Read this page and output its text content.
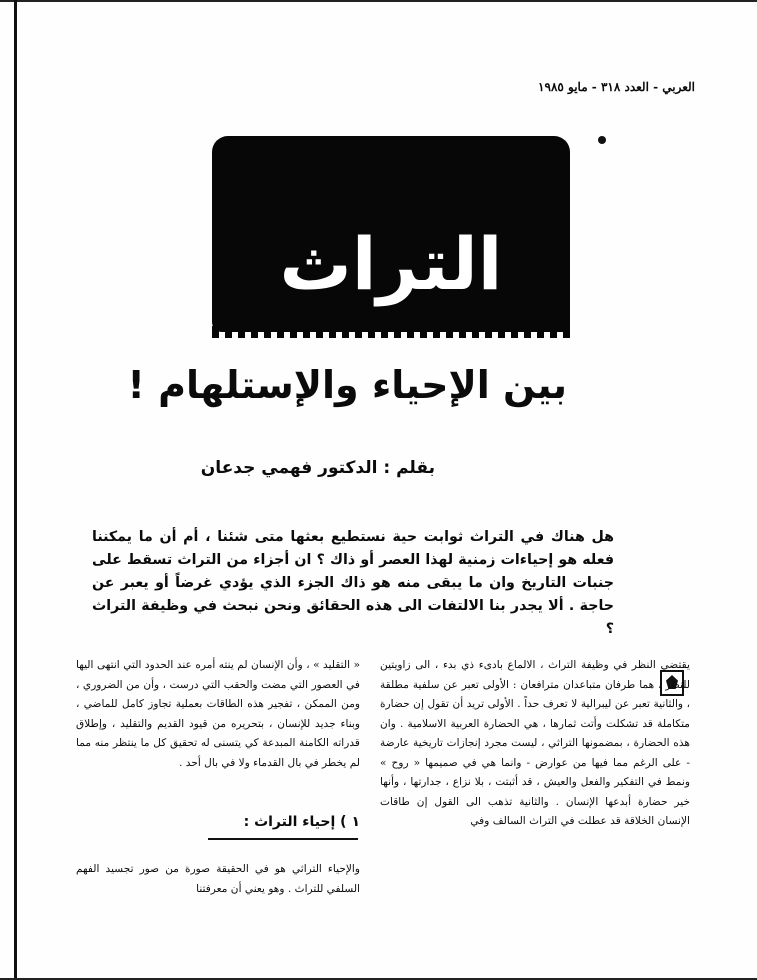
العربي - العدد ٣١٨ - مايو ١٩٨٥
التراث
بين الإحياء والإستلهام !
بقلم : الدكتور فهمي جدعان
هل هناك في التراث ثوابت حية نستطيع بعثها متى شئنا ، أم أن ما يمكننا فعله هو إحياءات زمنية لهذا العصر أو ذاك ؟ ان أجزاء من التراث تسقط على جنبات التاريخ وان ما يبقى منه هو ذاك الجزء الذي يؤدي غرضاً أو يعبر عن حاجة . ألا يجدر بنا الالتفات الى هذه الحقائق ونحن نبحث في وظيفة التراث ؟
يقتضي النظر في وظيفة التراث ، الالماع بادىء ذي بدء ، الى زاويتين للنظر ، هما طرفان متباعدان مترافعان : الأولى تعبر عن سلفية مطلقة ، والثانية تعبر عن ليبرالية لا تعرف حداً . الأولى تريد أن تقول إن حضارة متكاملة قد تشكلت وأتت ثمارها ، هي الحضارة العربية الاسلامية . وان هذه الحضارة ، بمضمونها التراثي ، ليست مجرد إنجازات تاريخية عارضة - على الرغم مما فيها من عوارض - وانما هي في صميمها « روح » ونمط في التفكير والفعل والعيش ، قد أثبتت ، بلا نزاع ، جدارتها ، وأنها خير حضارة أبدعها الإنسان . والثانية تذهب الى القول إن طاقات الإنسان الخلاقة قد عطلت في التراث السالف وفي
« التقليد » ، وأن الإنسان لم ينته أمره عند الحدود التي انتهى اليها في العصور التي مضت والحقب التي درست ، وأن من الضروري ، ومن الممكن ، تفجير هذه الطاقات بعملية تجاوز كامل للماضي ، وبناء جديد للإنسان ، بتحريره من قيود القديم والتقليد ، وإطلاق قدراته الكامنة المبدعة كي يتسنى له تحقيق كل ما ينتظر منه مما لم يخطر في بال القدماء ولا في بال أحد .
١ ) إحياء التراث :
والإحياء التراثي هو في الحقيقة صورة من صور تجسيد الفهم السلفي للتراث . وهو يعني أن معرفتنا
